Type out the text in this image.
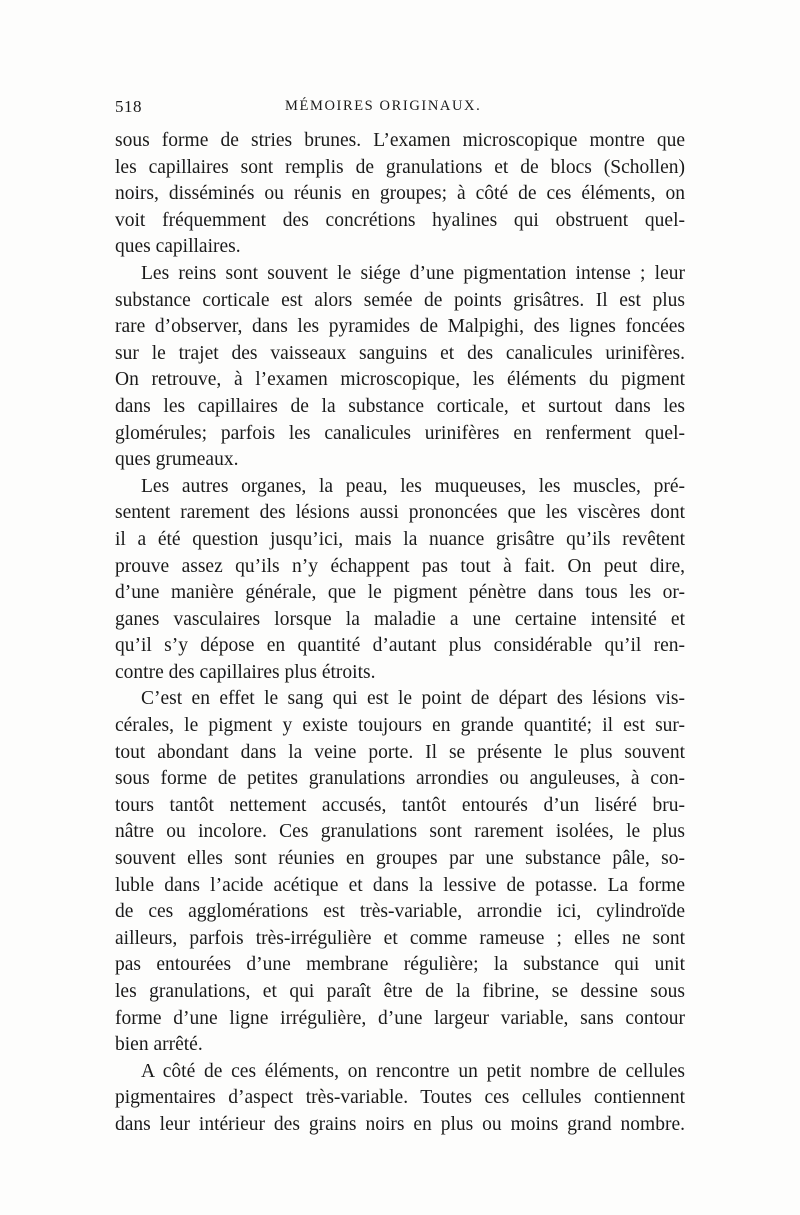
518	MÉMOIRES ORIGINAUX.
sous forme de stries brunes. L’examen microscopique montre que
les capillaires sont remplis de granulations et de blocs (Schollen)
noirs, disséminés ou réunis en groupes; à côté de ces éléments, on
voit fréquemment des concrétions hyalines qui obstruent quel-
ques capillaires.
Les reins sont souvent le siége d’une pigmentation intense ; leur
substance corticale est alors semée de points grisâtres. Il est plus
rare d’observer, dans les pyramides de Malpighi, des lignes foncées
sur le trajet des vaisseaux sanguins et des canalicules urinifères.
On retrouve, à l’examen microscopique, les éléments du pigment
dans les capillaires de la substance corticale, et surtout dans les
glomérules; parfois les canalicules urinifères en renferment quel-
ques grumeaux.
Les autres organes, la peau, les muqueuses, les muscles, pré-
sentent rarement des lésions aussi prononcées que les viscères dont
il a été question jusqu’ici, mais la nuance grisâtre qu’ils revêtent
prouve assez qu’ils n’y échappent pas tout à fait. On peut dire,
d’une manière générale, que le pigment pénètre dans tous les or-
ganes vasculaires lorsque la maladie a une certaine intensité et
qu’il s’y dépose en quantité d’autant plus considérable qu’il ren-
contre des capillaires plus étroits.
C’est en effet le sang qui est le point de départ des lésions vis-
cérales, le pigment y existe toujours en grande quantité; il est sur-
tout abondant dans la veine porte. Il se présente le plus souvent
sous forme de petites granulations arrondies ou anguleuses, à con-
tours tantôt nettement accusés, tantôt entourés d’un liséré bru-
nâtre ou incolore. Ces granulations sont rarement isolées, le plus
souvent elles sont réunies en groupes par une substance pâle, so-
luble dans l’acide acétique et dans la lessive de potasse. La forme
de ces agglomérations est très-variable, arrondie ici, cylindroïde
ailleurs, parfois très-irrégulière et comme rameuse ; elles ne sont
pas entourées d’une membrane régulière; la substance qui unit
les granulations, et qui paraît être de la fibrine, se dessine sous
forme d’une ligne irrégulière, d’une largeur variable, sans contour
bien arrêté.
A côté de ces éléments, on rencontre un petit nombre de cellules
pigmentaires d’aspect très-variable. Toutes ces cellules contiennent
dans leur intérieur des grains noirs en plus ou moins grand nombre.
